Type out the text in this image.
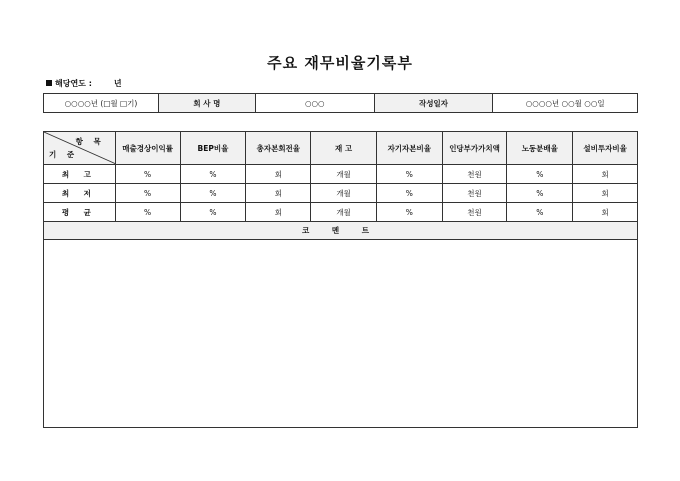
주요 재무비율기록부
해당연도 :	년
○○○○년 (□월 □기)	회 사 명	○○○	작성일자	○○○○년 ○○월 ○○일
항 목
기 준	매출경상이익률	BEP비율	총자본회전율	재 고	자기자본비율	인당부가가치액	노동분배율	설비투자비율
최 고	%	%	회	개월	%	천원	%	회
최 저	%	%	회	개월	%	천원	%	회
평 균	%	%	회	개월	%	천원	%	회
코 멘 트								
